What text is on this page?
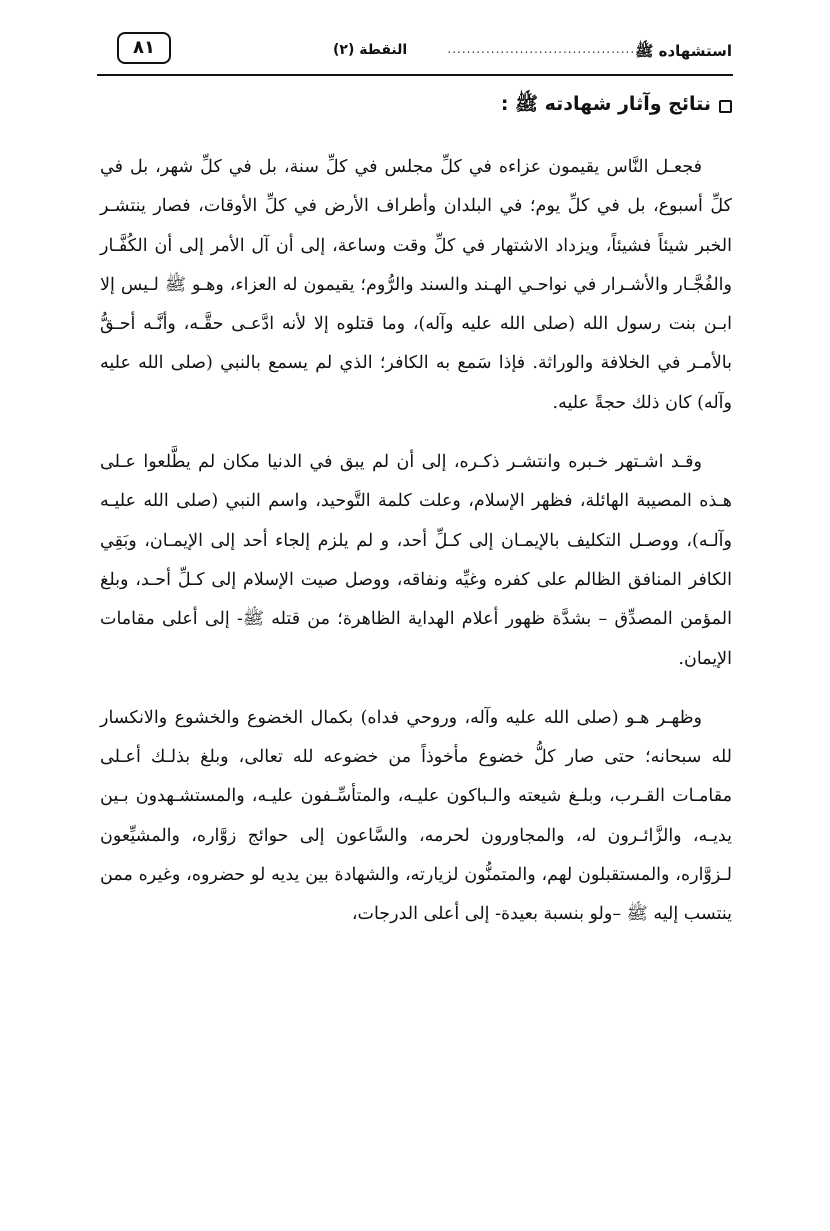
استشهاده ﷺ
........................................
النقطة (٢)
٨١
نتائج وآثار شهادته ﷺ :

فجعـل النَّاس يقيمون عزاءه في كلِّ مجلس في كلِّ سنة، بل في كلِّ شهر، بل في كلِّ أسبوع، بل في كلِّ يوم؛ في البلدان وأطراف الأرض في كلِّ الأوقات، فصار ينتشـر الخبر شيئاً فشيئاً، ويزداد الاشتهار في كلِّ وقت وساعة، إلى أن آل الأمر إلى أن الكُفَّـار والفُجَّـار والأشـرار في نواحـي الهـند والسند والرُّوم؛ يقيمون له العزاء، وهـو ﷺ لـيس إلا ابـن بنت رسول الله (صلى الله عليه وآله)، وما قتلوه إلا لأنه ادَّعـى حقَّـه، وأنَّـه أحـقُّ بالأمـر في الخلافة والوراثة. فإذا سَمع به الكافر؛ الذي لم يسمع بالنبي (صلى الله عليه وآله) كان ذلك حجةً عليه.

وقـد اشـتهر خـبره وانتشـر ذكـره، إلى أن لم يبق في الدنيا مكان لم يطَّلعوا عـلى هـذه المصيبة الهائلة، فظهر الإسلام، وعلت كلمة التَّوحيد، واسم النبي (صلى الله عليـه وآلـه)، ووصـل التكليف بالإيمـان إلى كـلِّ أحد، و لم يلزم إلجاء أحد إلى الإيمـان، وبَقِي الكافر المنافق الظالم على كفره وغيِّه ونفاقه، ووصل صيت الإسلام إلى كـلِّ أحـد، وبلغ المؤمن المصدِّق – بشدَّة ظهور أعلام الهداية الظاهرة؛ من قتله ﷺ- إلى أعلى مقامات الإيمان.

وظهـر هـو (صلى الله عليه وآله، وروحي فداه) بكمال الخضوع والخشوع والانكسار لله سبحانه؛ حتى صار كلُّ خضوع مأخوذاً من خضوعه لله تعالى، وبلغ بذلـك أعـلى مقامـات القـرب، وبلـغ شيعته والـباكون عليـه، والمتأسِّـفون عليـه، والمستشـهدون بـين يديـه، والزَّائـرون له، والمجاورون لحرمه، والسَّاعون إلى حوائج زوَّاره، والمشيِّعون لـزوَّاره، والمستقبلون لهم، والمتمنُّون لزيارته، والشهادة بين يديه لو حضروه، وغيره ممن ينتسب إليه ﷺ –ولو بنسبة بعيدة- إلى أعلى الدرجات،
